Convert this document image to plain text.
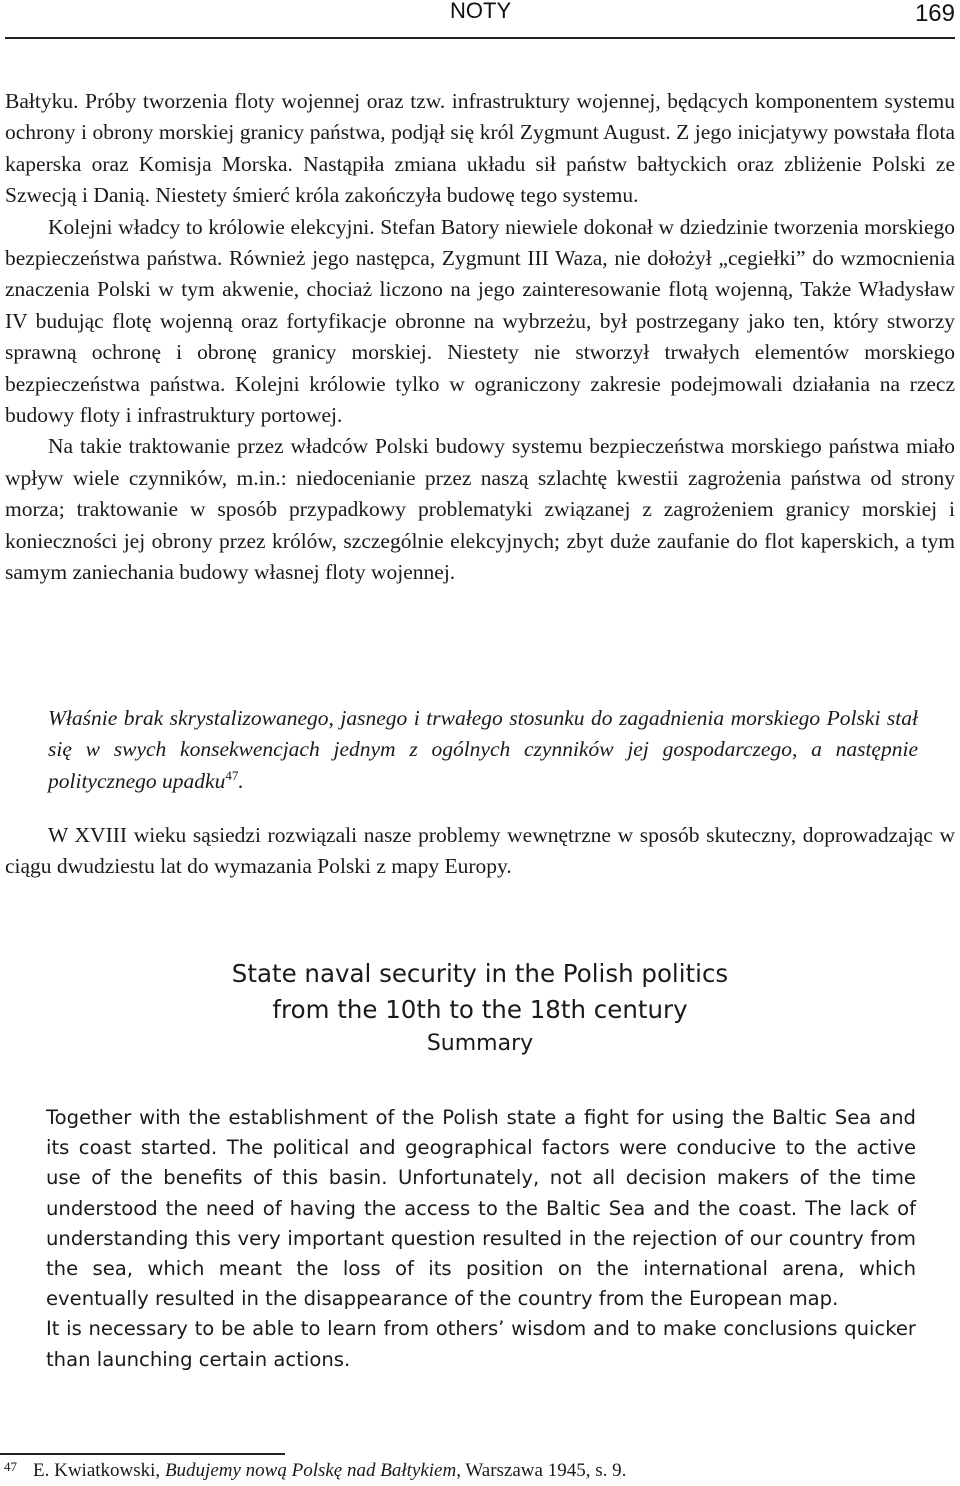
NOTY	169

Bałtyku. Próby tworzenia floty wojennej oraz tzw. infrastruktury wojennej, będących komponentem systemu ochrony i obrony morskiej granicy państwa, podjął się król Zygmunt August. Z jego inicjatywy powstała flota kaperska oraz Komisja Morska. Nastąpiła zmiana układu sił państw bałtyckich oraz zbliżenie Polski ze Szwecją i Danią. Niestety śmierć króla zakończyła budowę tego systemu.

Kolejni władcy to królowie elekcyjni. Stefan Batory niewiele dokonał w dziedzinie tworzenia morskiego bezpieczeństwa państwa. Również jego następca, Zygmunt III Waza, nie dołożył „cegiełki” do wzmocnienia znaczenia Polski w tym akwenie, chociaż liczono na jego zainteresowanie flotą wojenną, Także Władysław IV budując flotę wojenną oraz fortyfikacje obronne na wybrzeżu, był postrzegany jako ten, który stworzy sprawną ochronę i obronę granicy morskiej. Niestety nie stworzył trwałych elementów morskiego bezpieczeństwa państwa. Kolejni królowie tylko w ograniczony zakresie podejmowali działania na rzecz budowy floty i infrastruktury portowej.

Na takie traktowanie przez władców Polski budowy systemu bezpieczeństwa morskiego państwa miało wpływ wiele czynników, m.in.: niedocenianie przez naszą szlachtę kwestii zagrożenia państwa od strony morza; traktowanie w sposób przypadkowy problematyki związanej z zagrożeniem granicy morskiej i konieczności jej obrony przez królów, szczególnie elekcyjnych; zbyt duże zaufanie do flot kaperskich, a tym samym zaniechania budowy własnej floty wojennej.

Właśnie brak skrystalizowanego, jasnego i trwałego stosunku do zagadnienia morskiego Polski stał się w swych konsekwencjach jednym z ogólnych czynników jej gospodarczego, a następnie politycznego upadku$^{47}$.

W XVIII wieku sąsiedzi rozwiązali nasze problemy wewnętrzne w sposób skuteczny, doprowadzając w ciągu dwudziestu lat do wymazania Polski z mapy Europy.

State naval security in the Polish politics
from the 10th to the 18th century
Summary

Together with the establishment of the Polish state a fight for using the Baltic Sea and its coast started. The political and geographical factors were conducive to the active use of the benefits of this basin. Unfortunately, not all decision makers of the time understood the need of having the access to the Baltic Sea and the coast. The lack of understanding this very important question resulted in the rejection of our country from the sea, which meant the loss of its position on the international arena, which eventually resulted in the disappearance of the country from the European map.

It is necessary to be able to learn from others’ wisdom and to make conclusions quicker than launching certain actions.

47 E. Kwiatkowski, Budujemy nową Polskę nad Bałtykiem, Warszawa 1945, s. 9.
